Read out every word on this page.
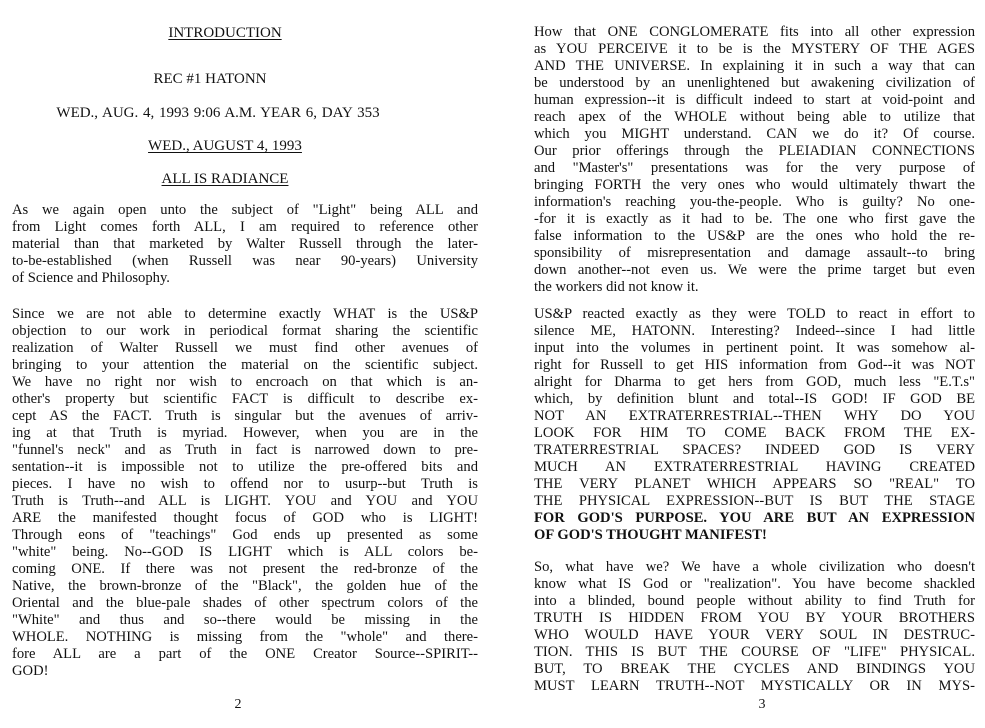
INTRODUCTION
REC #1 HATONN
WED., AUG. 4, 1993 9:06 A.M. YEAR 6, DAY 353
WED., AUGUST 4, 1993
ALL IS RADIANCE
As we again open unto the subject of "Light" being ALL and
from Light comes forth ALL, I am required to reference other
material than that marketed by Walter Russell through the later-
to-be-established (when Russell was near 90-years) University
of Science and Philosophy.
Since we are not able to determine exactly WHAT is the US&P
objection to our work in periodical format sharing the scientific
realization of Walter Russell we must find other avenues of
bringing to your attention the material on the scientific subject.
We have no right nor wish to encroach on that which is an-
other's property but scientific FACT is difficult to describe ex-
cept AS the FACT. Truth is singular but the avenues of arriv-
ing at that Truth is myriad. However, when you are in the
"funnel's neck" and as Truth in fact is narrowed down to pre-
sentation--it is impossible not to utilize the pre-offered bits and
pieces. I have no wish to offend nor to usurp--but Truth is
Truth is Truth--and ALL is LIGHT. YOU and YOU and YOU
ARE the manifested thought focus of GOD who is LIGHT!
Through eons of "teachings" God ends up presented as some
"white" being. No--GOD IS LIGHT which is ALL colors be-
coming ONE. If there was not present the red-bronze of the
Native, the brown-bronze of the "Black", the golden hue of the
Oriental and the blue-pale shades of other spectrum colors of the
"White" and thus and so--there would be missing in the
WHOLE. NOTHING is missing from the "whole" and there-
fore ALL are a part of the ONE Creator Source--SPIRIT--
GOD!
2
How that ONE CONGLOMERATE fits into all other expression
as YOU PERCEIVE it to be is the MYSTERY OF THE AGES
AND THE UNIVERSE. In explaining it in such a way that can
be understood by an unenlightened but awakening civilization of
human expression--it is difficult indeed to start at void-point and
reach apex of the WHOLE without being able to utilize that
which you MIGHT understand. CAN we do it? Of course.
Our prior offerings through the PLEIADIAN CONNECTIONS
and "Master's" presentations was for the very purpose of
bringing FORTH the very ones who would ultimately thwart the
information's reaching you-the-people. Who is guilty? No one-
-for it is exactly as it had to be. The one who first gave the
false information to the US&P are the ones who hold the re-
sponsibility of misrepresentation and damage assault--to bring
down another--not even us. We were the prime target but even
the workers did not know it.
US&P reacted exactly as they were TOLD to react in effort to
silence ME, HATONN. Interesting? Indeed--since I had little
input into the volumes in pertinent point. It was somehow al-
right for Russell to get HIS information from God--it was NOT
alright for Dharma to get hers from GOD, much less "E.T.s"
which, by definition blunt and total--IS GOD! IF GOD BE
NOT AN EXTRATERRESTRIAL--THEN WHY DO YOU
LOOK FOR HIM TO COME BACK FROM THE EX-
TRATERRESTRIAL SPACES? INDEED GOD IS VERY
MUCH AN EXTRATERRESTRIAL HAVING CREATED
THE VERY PLANET WHICH APPEARS SO "REAL" TO
THE PHYSICAL EXPRESSION--BUT IS BUT THE STAGE
FOR GOD'S PURPOSE. YOU ARE BUT AN EXPRESSION
OF GOD'S THOUGHT MANIFEST!
So, what have we? We have a whole civilization who doesn't
know what IS God or "realization". You have become shackled
into a blinded, bound people without ability to find Truth for
TRUTH IS HIDDEN FROM YOU BY YOUR BROTHERS
WHO WOULD HAVE YOUR VERY SOUL IN DESTRUC-
TION. THIS IS BUT THE COURSE OF "LIFE" PHYSICAL.
BUT, TO BREAK THE CYCLES AND BINDINGS YOU
MUST LEARN TRUTH--NOT MYSTICALLY OR IN MYS-
3
